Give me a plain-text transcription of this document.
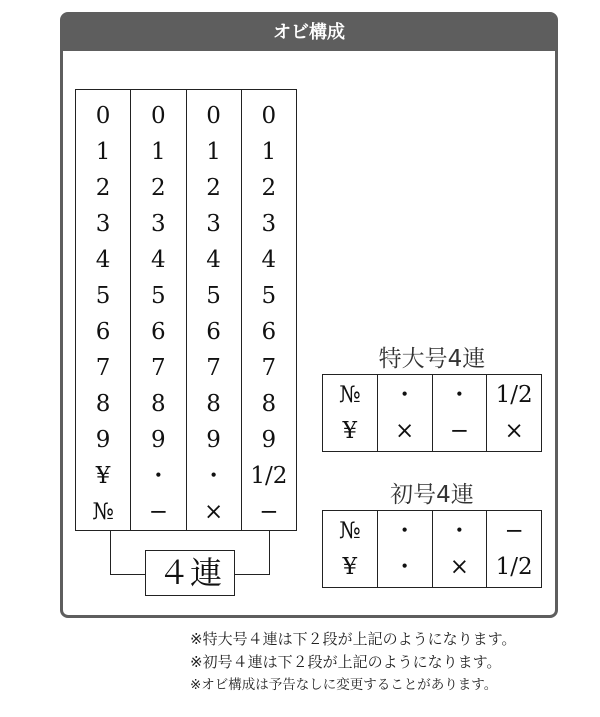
オビ構成
0
1
2
3
4
5
6
7
8
9
¥
№
0
1
2
3
4
5
6
7
8
9
・
−
0
1
2
3
4
5
6
7
8
9
・
×
0
1
2
3
4
5
6
7
8
9
1/2
−
４連
特大号4連
№
¥
・
×
・
−
1/2
×
初号4連
№
¥
・
・
・
×
−
1/2
※特大号４連は下２段が上記のようになります。
※初号４連は下２段が上記のようになります。
※オビ構成は予告なしに変更することがあります。
